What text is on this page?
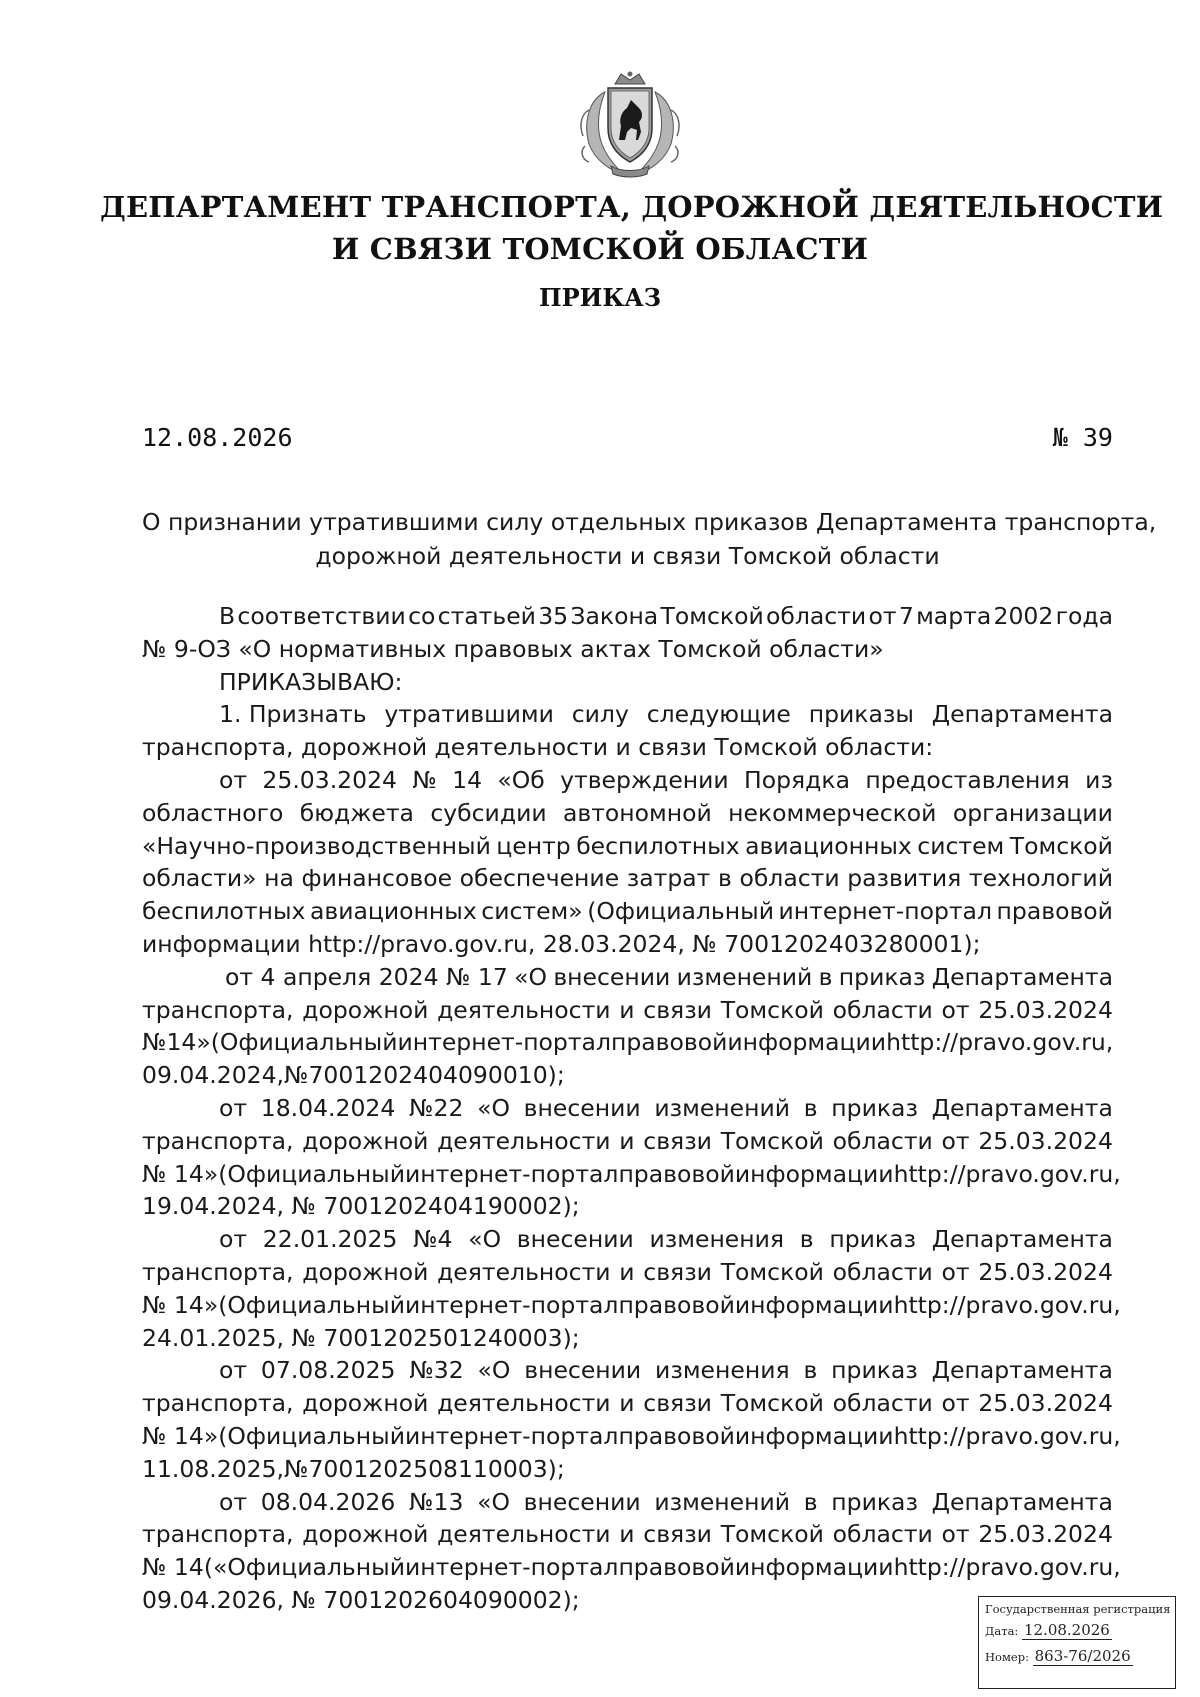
ДЕПАРТАМЕНТ ТРАНСПОРТА, ДОРОЖНОЙ ДЕЯТЕЛЬНОСТИ
И СВЯЗИ ТОМСКОЙ ОБЛАСТИ
ПРИКАЗ
12.08.2026	№ 39
О признании утратившими силу отдельных приказов Департамента транспорта,
дорожной деятельности и связи Томской области
В соответствии со статьей 35 Закона Томской области от 7 марта 2002 года
№ 9-ОЗ «О нормативных правовых актах Томской области»
ПРИКАЗЫВАЮ:
1. Признать утратившими силу следующие приказы Департамента
транспорта, дорожной деятельности и связи Томской области:
от 25.03.2024 № 14 «Об утверждении Порядка предоставления из
областного бюджета субсидии автономной некоммерческой организации
«Научно-производственный центр беспилотных авиационных систем Томской
области» на финансовое обеспечение затрат в области развития технологий
беспилотных авиационных систем» (Официальный интернет-портал правовой
информации http://pravo.gov.ru, 28.03.2024, № 7001202403280001);
от 4 апреля 2024 № 17 «О внесении изменений в приказ Департамента
транспорта, дорожной деятельности и связи Томской области от 25.03.2024
№14» (Официальный интернет-портал правовой информации http://pravo.gov.ru,
09.04.2024,№7001202404090010);
от 18.04.2024 №22 «О внесении изменений в приказ Департамента
транспорта, дорожной деятельности и связи Томской области от 25.03.2024
№ 14» (Официальный интернет-портал правовой информации http://pravo.gov.ru,
19.04.2024, № 7001202404190002);
от 22.01.2025 №4 «О внесении изменения в приказ Департамента
транспорта, дорожной деятельности и связи Томской области от 25.03.2024
№ 14» (Официальный интернет-портал правовой информации http://pravo.gov.ru,
24.01.2025, № 7001202501240003);
от 07.08.2025 №32 «О внесении изменения в приказ Департамента
транспорта, дорожной деятельности и связи Томской области от 25.03.2024
№ 14» (Официальный интернет-портал правовой информации http://pravo.gov.ru,
11.08.2025,№7001202508110003);
от 08.04.2026 №13 «О внесении изменений в приказ Департамента
транспорта, дорожной деятельности и связи Томской области от 25.03.2024
№ 14 («Официальный интернет-портал правовой информации http://pravo.gov.ru,
09.04.2026, № 7001202604090002);	Государственная регистрация
Дата: 12.08.2026
Номер: 863-76/2026
